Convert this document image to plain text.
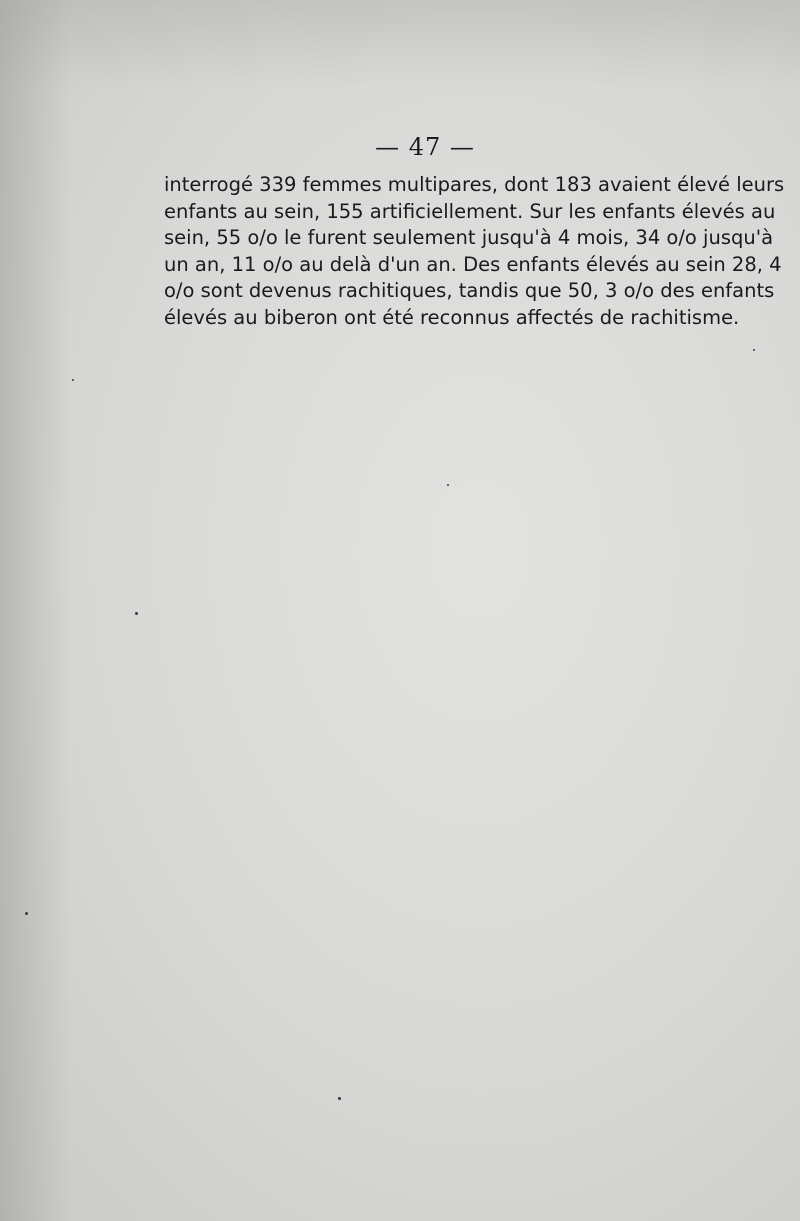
— 47 —

interrogé 339 femmes multipares, dont 183 avaient élevé leurs
enfants au sein, 155 artificiellement. Sur les enfants élevés au
sein, 55 o/o le furent seulement jusqu'à 4 mois, 34 o/o jusqu'à
un an, 11 o/o au delà d'un an. Des enfants élevés au sein 28, 4
o/o sont devenus rachitiques, tandis que 50, 3 o/o des enfants
élevés au biberon ont été reconnus affectés de rachitisme.
